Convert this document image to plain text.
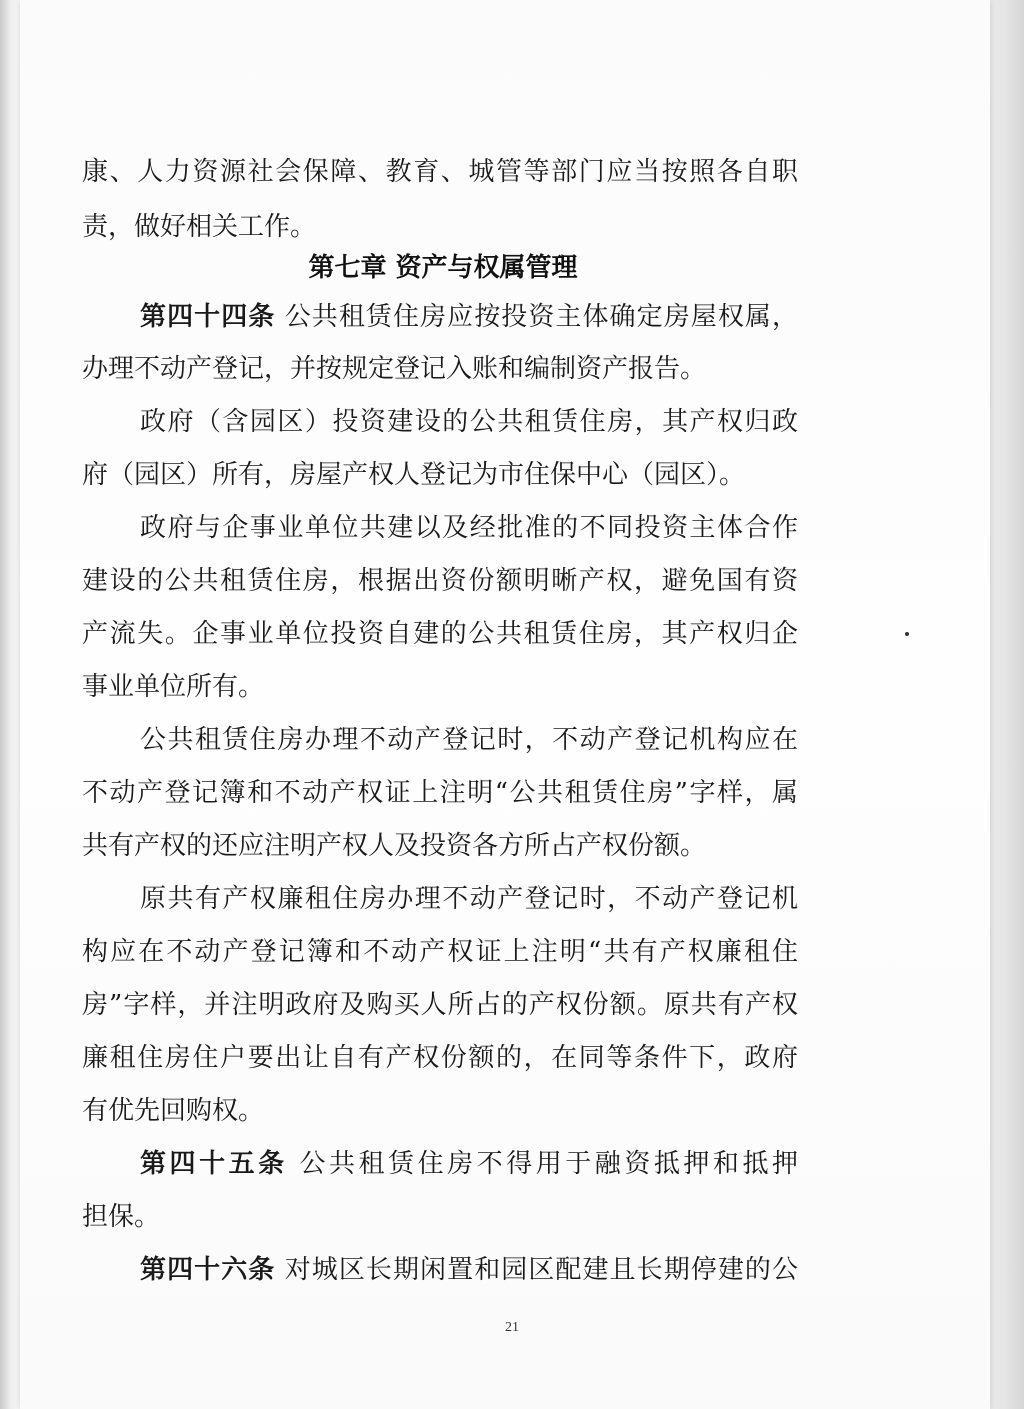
康、人力资源社会保障、教育、城管等部门应当按照各自职
责，做好相关工作。
第七章 资产与权属管理
第四十四条 公共租赁住房应按投资主体确定房屋权属，
办理不动产登记，并按规定登记入账和编制资产报告。
政府（含园区）投资建设的公共租赁住房，其产权归政
府（园区）所有，房屋产权人登记为市住保中心（园区）。
政府与企事业单位共建以及经批准的不同投资主体合作
建设的公共租赁住房，根据出资份额明晰产权，避免国有资
产流失。企事业单位投资自建的公共租赁住房，其产权归企
事业单位所有。
公共租赁住房办理不动产登记时，不动产登记机构应在
不动产登记簿和不动产权证上注明“公共租赁住房”字样，属
共有产权的还应注明产权人及投资各方所占产权份额。
原共有产权廉租住房办理不动产登记时，不动产登记机
构应在不动产登记簿和不动产权证上注明“共有产权廉租住
房”字样，并注明政府及购买人所占的产权份额。原共有产权
廉租住房住户要出让自有产权份额的，在同等条件下，政府
有优先回购权。
第四十五条 公共租赁住房不得用于融资抵押和抵押
担保。
第四十六条 对城区长期闲置和园区配建且长期停建的公
21
